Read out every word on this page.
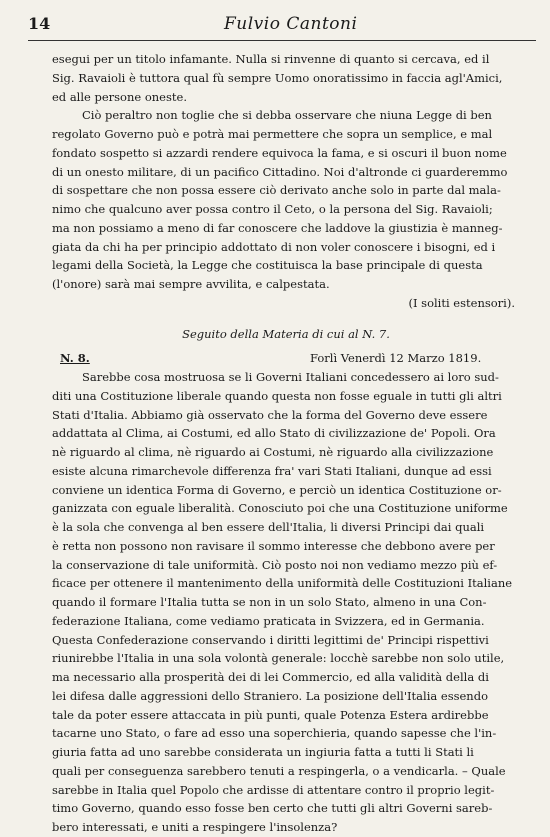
14	Fulvio Cantoni
esegui per un titolo infamante. Nulla si rinvenne di quanto si cercava, ed il
Sig. Ravaioli è tuttora qual fù sempre Uomo onoratissimo in faccia agl'Amici,
ed alle persone oneste.
Ciò peraltro non toglie che si debba osservare che niuna Legge di ben
regolato Governo può e potrà mai permettere che sopra un semplice, e mal
fondato sospetto si azzardi rendere equivoca la fama, e si oscuri il buon nome
di un onesto militare, di un pacifico Cittadino. Noi d'altronde ci guarderemmo
di sospettare che non possa essere ciò derivato anche solo in parte dal mala-
nimo che qualcuno aver possa contro il Ceto, o la persona del Sig. Ravaioli;
ma non possiamo a meno di far conoscere che laddove la giustizia è manneg-
giata da chi ha per principio addottato di non voler conoscere i bisogni, ed i
legami della Società, la Legge che costituisca la base principale di questa
(l'onore) sarà mai sempre avvilita, e calpestata.
(I soliti estensori).
Seguito della Materia di cui al N. 7.
N. 8.	Forlì Venerdì 12 Marzo 1819.
Sarebbe cosa mostruosa se li Governi Italiani concedessero ai loro sud-
diti una Costituzione liberale quando questa non fosse eguale in tutti gli altri
Stati d'Italia. Abbiamo già osservato che la forma del Governo deve essere
addattata al Clima, ai Costumi, ed allo Stato di civilizzazione de' Popoli. Ora
nè riguardo al clima, nè riguardo ai Costumi, nè riguardo alla civilizzazione
esiste alcuna rimarchevole differenza fra' vari Stati Italiani, dunque ad essi
conviene un identica Forma di Governo, e perciò un identica Costituzione or-
ganizzata con eguale liberalità. Conosciuto poi che una Costituzione uniforme
è la sola che convenga al ben essere dell'Italia, li diversi Principi dai quali
è retta non possono non ravisare il sommo interesse che debbono avere per
la conservazione di tale uniformità. Ciò posto noi non vediamo mezzo più ef-
ficace per ottenere il mantenimento della uniformità delle Costituzioni Italiane
quando il formare l'Italia tutta se non in un solo Stato, almeno in una Con-
federazione Italiana, come vediamo praticata in Svizzera, ed in Germania.
Questa Confederazione conservando i diritti legittimi de' Principi rispettivi
riunirebbe l'Italia in una sola volontà generale: locchè sarebbe non solo utile,
ma necessario alla prosperità dei di lei Commercio, ed alla validità della di
lei difesa dalle aggressioni dello Straniero. La posizione dell'Italia essendo
tale da poter essere attaccata in più punti, quale Potenza Estera ardirebbe
tacarne uno Stato, o fare ad esso una soperchieria, quando sapesse che l'in-
giuria fatta ad uno sarebbe considerata un ingiuria fatta a tutti li Stati li
quali per conseguenza sarebbero tenuti a respingerla, o a vendicarla. – Quale
sarebbe in Italia quel Popolo che ardisse di attentare contro il proprio legit-
timo Governo, quando esso fosse ben certo che tutti gli altri Governi sareb-
bero interessati, e uniti a respingere l'insolenza?
